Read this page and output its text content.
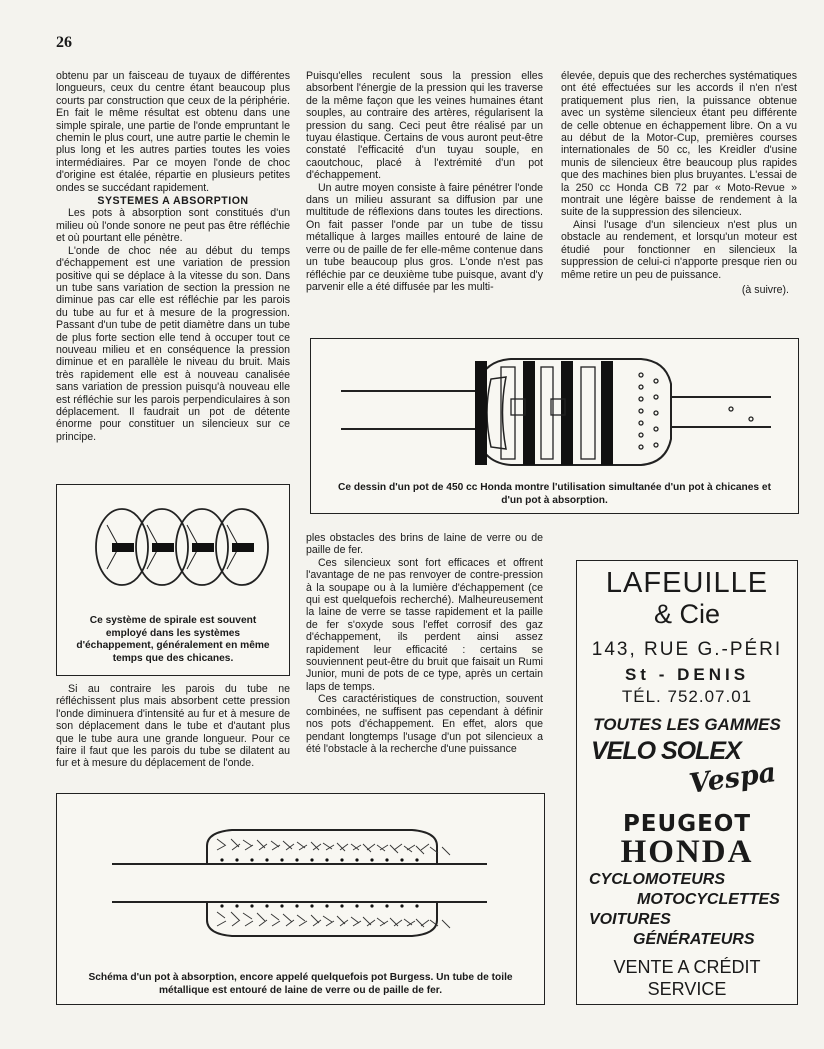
26

obtenu par un faisceau de tuyaux de différentes longueurs, ceux du centre étant beaucoup plus courts par construction que ceux de la périphérie. En fait le même résultat est obtenu dans une simple spirale, une partie de l'onde empruntant le chemin le plus court, une autre partie le chemin le plus long et les autres parties toutes les voies intermédiaires. Par ce moyen l'onde de choc d'origine est étalée, répartie en plusieurs petites ondes se succédant rapidement.

SYSTEMES A ABSORPTION

Les pots à absorption sont constitués d'un milieu où l'onde sonore ne peut pas être réfléchie et où pourtant elle pénètre.

L'onde de choc née au début du temps d'échappement est une variation de pression positive qui se déplace à la vitesse du son. Dans un tube sans variation de section la pression ne diminue pas car elle est réfléchie par les parois du tube au fur et à mesure de la progression. Passant d'un tube de petit diamètre dans un tube de plus forte section elle tend à occuper tout ce nouveau milieu et en conséquence la pression diminue et en parallèle le niveau du bruit. Mais très rapidement elle est à nouveau canalisée sans variation de pression puisqu'à nouveau elle est réfléchie sur les parois perpendiculaires à son déplacement. Il faudrait un pot de détente énorme pour constituer un silencieux sur ce principe.

Si au contraire les parois du tube ne réfléchissent plus mais absorbent cette pression l'onde diminuera d'intensité au fur et à mesure de son déplacement dans le tube et d'autant plus que le tube aura une grande longueur. Pour ce faire il faut que les parois du tube se dilatent au fur et à mesure du déplacement de l'onde.

Puisqu'elles reculent sous la pression elles absorbent l'énergie de la pression qui les traverse de la même façon que les veines humaines étant souples, au contraire des artères, régularisent la pression du sang. Ceci peut être réalisé par un tuyau élastique. Certains de vous auront peut-être constaté l'efficacité d'un tuyau souple, en caoutchouc, placé à l'extrémité d'un pot d'échappement.

Un autre moyen consiste à faire pénétrer l'onde dans un milieu assurant sa diffusion par une multitude de réflexions dans toutes les directions. On fait passer l'onde par un tube de tissu métallique à larges mailles entouré de laine de verre ou de paille de fer elle-même contenue dans un tube beaucoup plus gros. L'onde n'est pas réfléchie par ce deuxième tube puisque, avant d'y parvenir elle a été diffusée par les multi-

élevée, depuis que des recherches systématiques ont été effectuées sur les accords il n'en n'est pratiquement plus rien, la puissance obtenue avec un système silencieux étant peu différente de celle obtenue en échappement libre. On a vu au début de la Motor-Cup, premières courses internationales de 50 cc, les Kreidler d'usine munis de silencieux être beaucoup plus rapides que des machines bien plus bruyantes. L'essai de la 250 cc Honda CB 72 par « Moto-Revue » montrait une légère baisse de rendement à la suite de la suppression des silencieux.

Ainsi l'usage d'un silencieux n'est plus un obstacle au rendement, et lorsqu'un moteur est étudié pour fonctionner en silencieux la suppression de celui-ci n'apporte presque rien ou même retire un peu de puissance.

(à suivre).

ples obstacles des brins de laine de verre ou de paille de fer.

Ces silencieux sont fort efficaces et offrent l'avantage de ne pas renvoyer de contre-pression à la soupape ou à la lumière d'échappement (ce qui est quelquefois recherché). Malheureusement la laine de verre se tasse rapidement et la paille de fer s'oxyde sous l'effet corrosif des gaz d'échappement, ils perdent ainsi assez rapidement leur efficacité : certains se souviennent peut-être du bruit que faisait un Rumi Junior, muni de pots de ce type, après un certain laps de temps.

Ces caractéristiques de construction, souvent combinées, ne suffisent pas cependant à définir nos pots d'échappement. En effet, alors que pendant longtemps l'usage d'un pot silencieux a été l'obstacle à la recherche d'une puissance

Ce dessin d'un pot de 450 cc Honda montre l'utilisation simultanée d'un pot à chicanes et d'un pot à absorption.
Ce système de spirale est souvent employé dans les systèmes d'échappement, généralement en même temps que des chicanes.
Schéma d'un pot à absorption, encore appelé quelquefois pot Burgess. Un tube de toile métallique est entouré de laine de verre ou de paille de fer.
LAFEUILLE
& Cie
143, RUE G.-PÉRI
St - DENIS
TÉL. 752.07.01
TOUTES LES GAMMES
VELO SOLEX
Vespa
PEUGEOT
HONDA
CYCLOMOTEURS
MOTOCYCLETTES
VOITURES
GÉNÉRATEURS
VENTE A CRÉDIT
SERVICE
